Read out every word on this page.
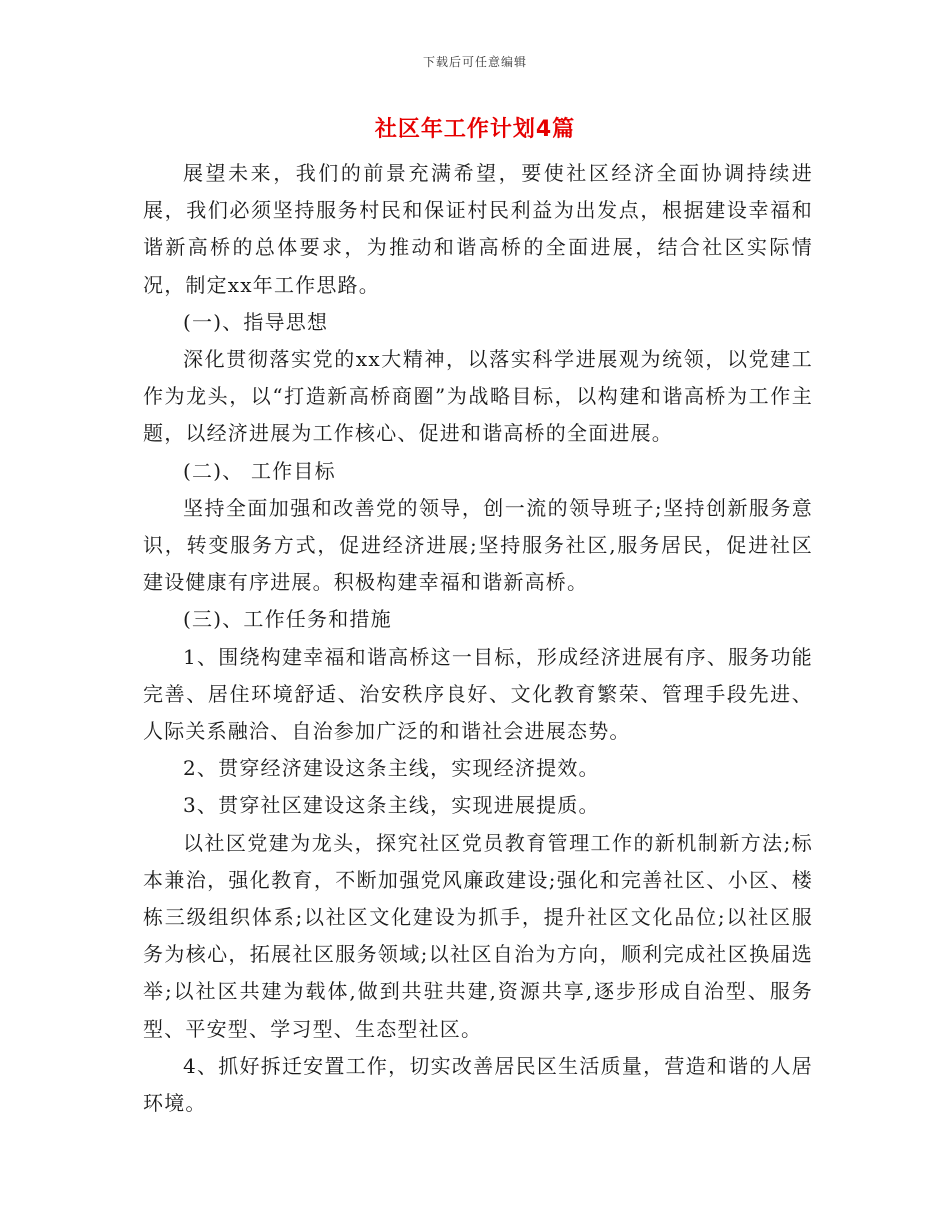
下载后可任意编辑
社区年工作计划4篇

展望未来，我们的前景充满希望，要使社区经济全面协调持续进展，我们必须坚持服务村民和保证村民利益为出发点，根据建设幸福和谐新高桥的总体要求，为推动和谐高桥的全面进展，结合社区实际情况，制定xx年工作思路。

(一)、指导思想

深化贯彻落实党的xx大精神，以落实科学进展观为统领，以党建工作为龙头，以“打造新高桥商圈”为战略目标，以构建和谐高桥为工作主题，以经济进展为工作核心、促进和谐高桥的全面进展。

(二)、 工作目标

坚持全面加强和改善党的领导，创一流的领导班子;坚持创新服务意识，转变服务方式，促进经济进展;坚持服务社区,服务居民，促进社区建设健康有序进展。积极构建幸福和谐新高桥。

(三)、工作任务和措施

1、围绕构建幸福和谐高桥这一目标，形成经济进展有序、服务功能完善、居住环境舒适、治安秩序良好、文化教育繁荣、管理手段先进、人际关系融洽、自治参加广泛的和谐社会进展态势。

2、贯穿经济建设这条主线，实现经济提效。

3、贯穿社区建设这条主线，实现进展提质。

以社区党建为龙头，探究社区党员教育管理工作的新机制新方法;标本兼治，强化教育，不断加强党风廉政建设;强化和完善社区、小区、楼栋三级组织体系;以社区文化建设为抓手，提升社区文化品位;以社区服务为核心，拓展社区服务领域;以社区自治为方向，顺利完成社区换届选举;以社区共建为载体,做到共驻共建,资源共享,逐步形成自治型、服务型、平安型、学习型、生态型社区。

4、抓好拆迁安置工作，切实改善居民区生活质量，营造和谐的人居环境。
